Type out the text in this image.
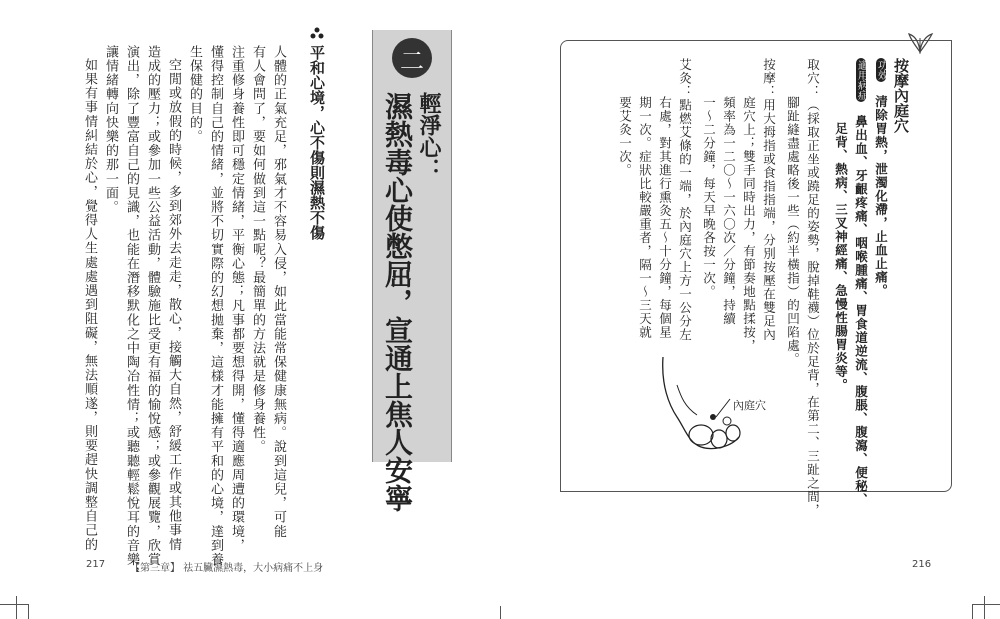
二
輕淨心：
濕熱毒心使憋屈，宣通上焦人安寧
平和心境，心不傷則濕熱不傷
人體的正氣充足，邪氣才不容易入侵，如此當能常保健康無病。說到這兒，可能
有人會問了，要如何做到這一點呢？最簡單的方法就是修身養性。
注重修身養性即可穩定情緒，平衡心態；凡事都要想得開，懂得適應周遭的環境，
懂得控制自己的情緒，並將不切實際的幻想拋棄，這樣才能擁有平和的心境，達到養
生保健的目的。
空閒或放假的時候，多到郊外去走走，散心，接觸大自然，舒緩工作或其他事情
造成的壓力；或參加一些公益活動，體驗施比受更有福的愉悅感；或參觀展覽，欣賞
演出，除了豐富自己的見識，也能在潛移默化之中陶冶性情；或聽聽輕鬆悅耳的音樂，
讓情緒轉向快樂的那一面。
如果有事情糾結於心，覺得人生處處遇到阻礙，無法順遂，則要趕快調整自己的
217 【第三章】 祛五臟濕熱毒，大小病痛不上身
按摩內庭穴
功效 清除胃熱，泄濁化滯，止血止痛。
適用病症 鼻出血、牙齦疼痛、咽喉腫痛、胃食道逆流、腹脹、腹瀉、便秘、
足背、熱病、三叉神經痛、急慢性腸胃炎等。
取穴：（採取正坐或蹺足的姿勢，脫掉鞋襪）位於足背，在第二、三趾之間，
腳趾縫盡處略後一些（約半橫指）的凹陷處。
按摩：用大拇指或食指指端，分別按壓在雙足內
庭穴上；雙手同時出力，有節奏地點揉按，
頻率為一二〇～一六〇次／分鐘，持續
一～二分鐘，每天早晚各按一次。
艾灸：點燃艾條的一端，於內庭穴上方一公分左
右處，對其進行熏灸五～十分鐘，每個星
期一次。症狀比較嚴重者，隔一～三天就
要艾灸一次。
內庭穴
216
